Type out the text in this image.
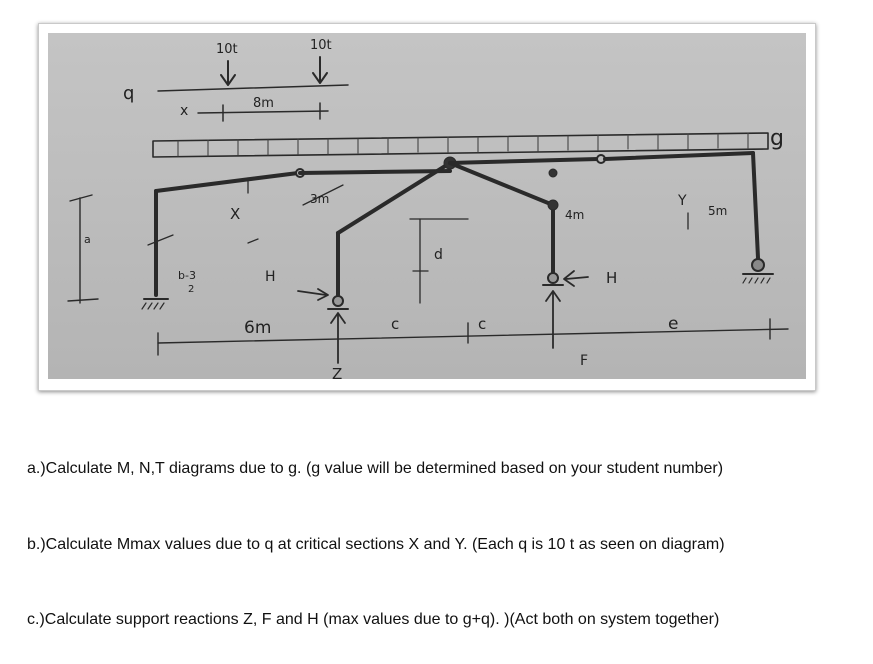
10t	10t
q
x	8m
g
X
b-3
2
H
3m
d
6m	c	c
4m
H
Y
5m
e
Z
F
a
a.)Calculate M, N,T diagrams due to g. (g value will be determined based on your student number)
b.)Calculate Mmax values due to q at critical sections X and Y. (Each q is 10 t as seen on diagram)
c.)Calculate support reactions Z, F and H (max values due to g+q). )(Act both on system together)
